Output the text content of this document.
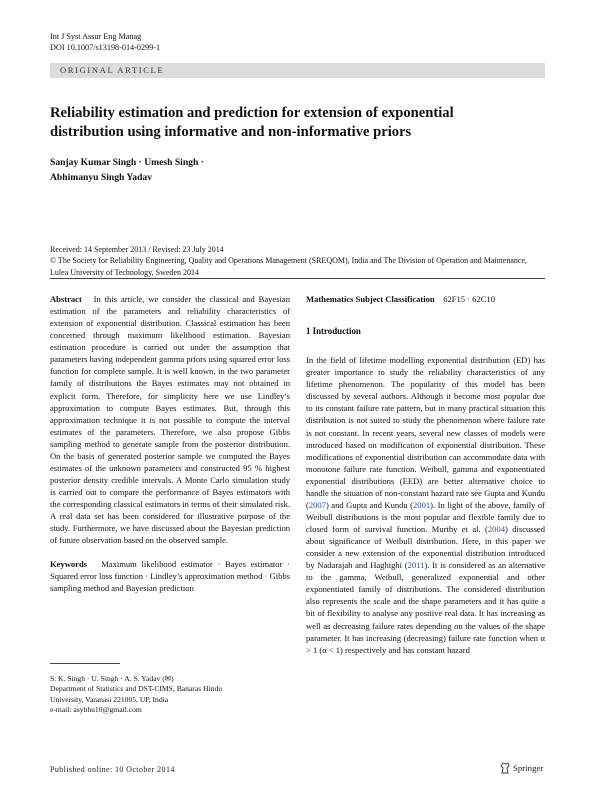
Int J Syst Assur Eng Manag
DOI 10.1007/s13198-014-0299-1
ORIGINAL ARTICLE
Reliability estimation and prediction for extension of exponential
distribution using informative and non-informative priors
Sanjay Kumar Singh · Umesh Singh ·
Abhimanyu Singh Yadav
Received: 14 September 2013 / Revised: 23 July 2014
© The Society for Reliability Engineering, Quality and Operations Management (SREQOM), India and The Division of Operation and Maintenance, Lulea University of Technology, Sweden 2014

Abstract In this article, we consider the classical and Bayesian estimation of the parameters and reliability characteristics of extension of exponential distribution. Classical estimation has been concerned through maximum likelihood estimation. Bayesian estimation procedure is carried out under the assumption that parameters having independent gamma priors using squared error loss function for complete sample. It is well known, in the two parameter family of distributions the Bayes estimates may not obtained in explicit form. Therefore, for simplicity here we use Lindley’s approximation to compute Bayes estimates. But, through this approximation technique it is not possible to compute the interval estimates of the parameters. Therefore, we also propose Gibbs sampling method to generate sample from the posterior distribution. On the basis of generated posterior sample we computed the Bayes estimates of the unknown parameters and constructed 95 % highest posterior density credible intervals. A Monte Carlo simulation study is carried out to compare the performance of Bayes estimators with the corresponding classical estimators in terms of their simulated risk. A real data set has been considered for illustrative purpose of the study. Furthermore, we have discussed about the Bayesian prediction of future observation based on the observed sample.

Keywords Maximum likelihood estimator · Bayes estimator · Squared error loss function · Lindley’s approximation method · Gibbs sampling method and Bayesian prediction

S. K. Singh · U. Singh · A. S. Yadav (✉)
Department of Statistics and DST-CIMS, Banaras Hindu
University, Varanasi 221005, UP, India
e-mail: asybhu10@gmail.com

Mathematics Subject Classification 62F15 · 62C10

1 Introduction

In the field of lifetime modelling exponential distribution (ED) has greater importance to study the reliability characteristics of any lifetime phenomenon. The popularity of this model has been discussed by several authors. Although it become most popular due to its constant failure rate pattern, but in many practical situation this distribution is not suited to study the phenomenon where failure rate is not constant. In recent years, several new classes of models were introduced based on modification of exponential distribution. These modifications of exponential distribution can accommodate data with monotone failure rate function. Weibull, gamma and exponentiated exponential distributions (EED) are better alternative choice to handle the situation of non-constant hazard rate see Gupta and Kundu (2007) and Gupta and Kundu (2001). In light of the above, family of Weibull distributions is the most popular and flexible family due to closed form of survival function. Murthy et al. (2004) discussed about significance of Weibull distribution. Here, in this paper we consider a new extension of the exponential distribution introduced by Nadarajah and Haghighi (2011). It is considered as an alternative to the gamma, Weibull, generalized exponential and other exponentiated family of distributions. The considered distribution also represents the scale and the shape parameters and it has quite a bit of flexibility to analyse any positive real data. It has increasing as well as decreasing failure rates depending on the values of the shape parameter. It has increasing (decreasing) failure rate function when α > 1 (α < 1) respectively and has constant hazard

Published online: 10 October 2014	Springer
